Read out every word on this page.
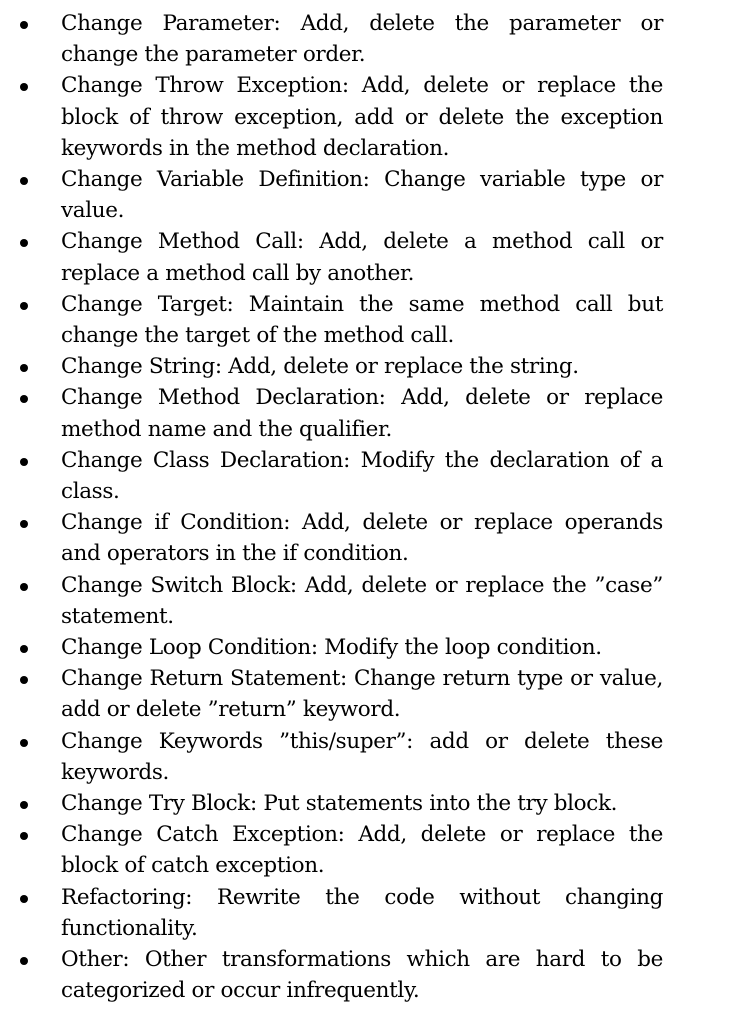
Change Parameter: Add, delete the parameter or change the parameter order.
Change Throw Exception: Add, delete or replace the block of throw exception, add or delete the exception keywords in the method declaration.
Change Variable Definition: Change variable type or value.
Change Method Call: Add, delete a method call or replace a method call by another.
Change Target: Maintain the same method call but change the target of the method call.
Change String: Add, delete or replace the string.
Change Method Declaration: Add, delete or replace method name and the qualifier.
Change Class Declaration: Modify the declaration of a class.
Change if Condition: Add, delete or replace operands and operators in the if condition.
Change Switch Block: Add, delete or replace the ”case” statement.
Change Loop Condition: Modify the loop condition.
Change Return Statement: Change return type or value, add or delete ”return” keyword.
Change Keywords ”this/super”: add or delete these keywords.
Change Try Block: Put statements into the try block.
Change Catch Exception: Add, delete or replace the block of catch exception.
Refactoring: Rewrite the code without changing functionality.
Other: Other transformations which are hard to be categorized or occur infrequently.
